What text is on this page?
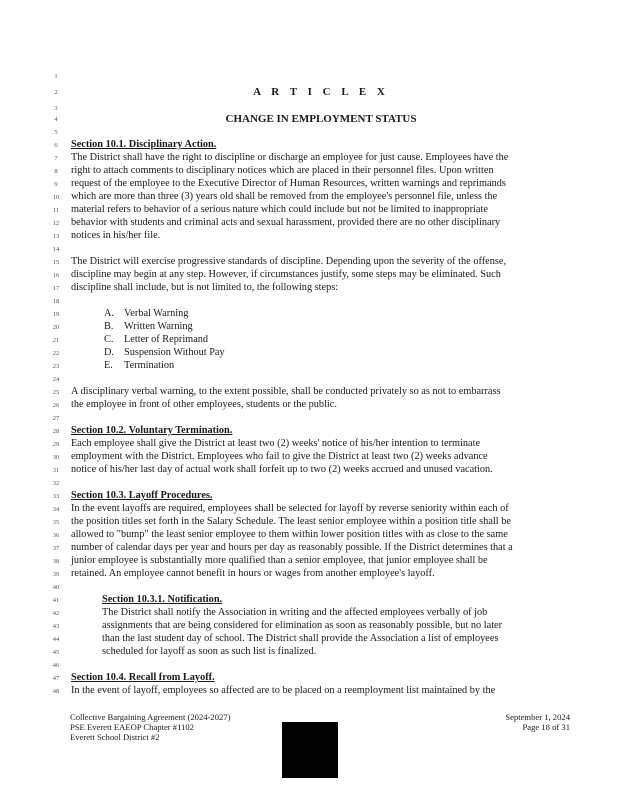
1
2
3
4
5
6
7
8
9
10
11
12
13
14
15
16
17
18
19
20
21
22
23
24
25
26
27
28
29
30
31
32
33
34
35
36
37
38
39
40
41
42
43
44
45
46
47
48
A R T I C L E X
CHANGE IN EMPLOYMENT STATUS
Section 10.1. Disciplinary Action.
The District shall have the right to discipline or discharge an employee for just cause. Employees have the
right to attach comments to disciplinary notices which are placed in their personnel files. Upon written
request of the employee to the Executive Director of Human Resources, written warnings and reprimands
which are more than three (3) years old shall be removed from the employee's personnel file, unless the
material refers to behavior of a serious nature which could include but not be limited to inappropriate
behavior with students and criminal acts and sexual harassment, provided there are no other disciplinary
notices in his/her file.
The District will exercise progressive standards of discipline. Depending upon the severity of the offense,
discipline may begin at any step. However, if circumstances justify, some steps may be eliminated. Such
discipline shall include, but is not limited to, the following steps:
A. Verbal Warning
B. Written Warning
C. Letter of Reprimand
D. Suspension Without Pay
E. Termination
A disciplinary verbal warning, to the extent possible, shall be conducted privately so as not to embarrass
the employee in front of other employees, students or the public.
Section 10.2. Voluntary Termination.
Each employee shall give the District at least two (2) weeks' notice of his/her intention to terminate
employment with the District. Employees who fail to give the District at least two (2) weeks advance
notice of his/her last day of actual work shall forfeit up to two (2) weeks accrued and unused vacation.
Section 10.3. Layoff Procedures.
In the event layoffs are required, employees shall be selected for layoff by reverse seniority within each of
the position titles set forth in the Salary Schedule. The least senior employee within a position title shall be
allowed to "bump" the least senior employee to them within lower position titles with as close to the same
number of calendar days per year and hours per day as reasonably possible. If the District determines that a
junior employee is substantially more qualified than a senior employee, that junior employee shall be
retained. An employee cannot benefit in hours or wages from another employee's layoff.
Section 10.3.1. Notification.
The District shall notify the Association in writing and the affected employees verbally of job
assignments that are being considered for elimination as soon as reasonably possible, but no later
than the last student day of school. The District shall provide the Association a list of employees
scheduled for layoff as soon as such list is finalized.
Section 10.4. Recall from Layoff.
In the event of layoff, employees so affected are to be placed on a reemployment list maintained by the
Collective Bargaining Agreement (2024-2027)
PSE Everett EAEOP Chapter #1102
Everett School District #2
September 1, 2024
Page 18 of 31
